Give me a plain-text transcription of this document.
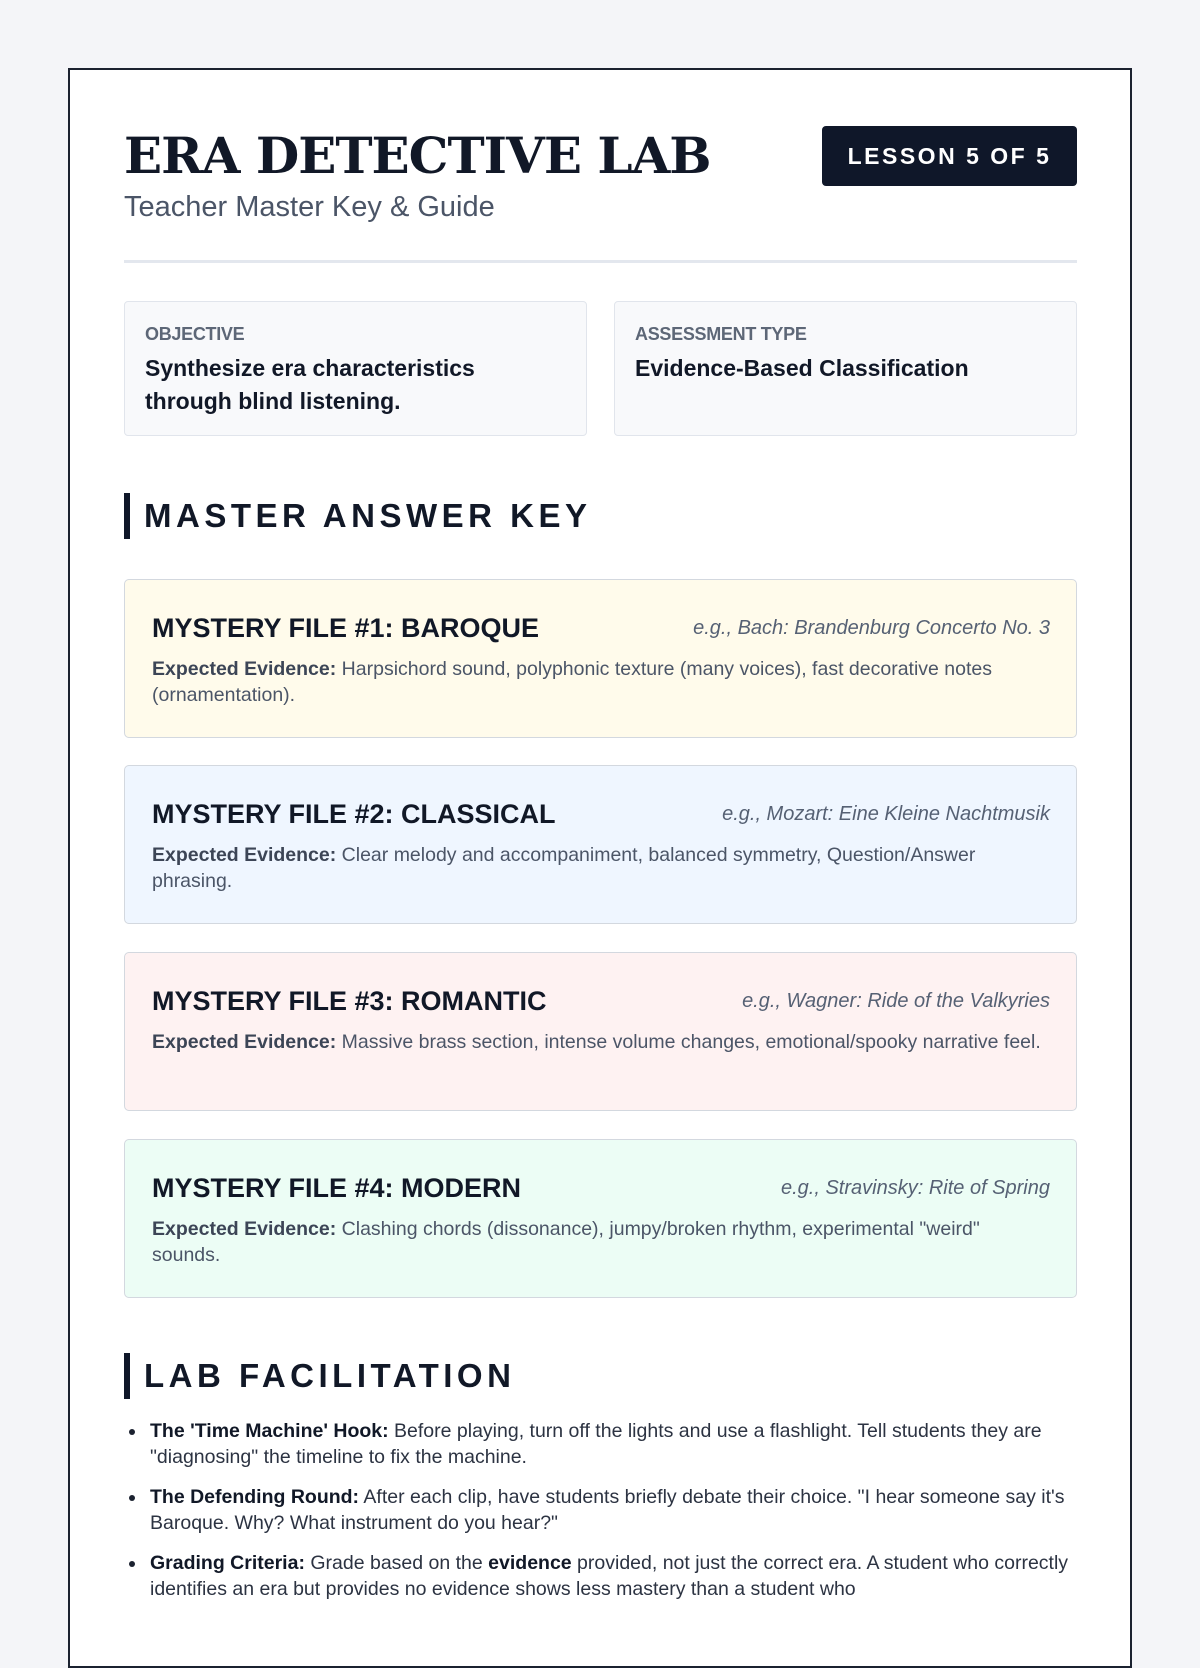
ERA DETECTIVE LAB
Teacher Master Key & Guide
LESSON 5 OF 5
OBJECTIVE
Synthesize era characteristics through blind listening.
ASSESSMENT TYPE
Evidence-Based Classification
MASTER ANSWER KEY
MYSTERY FILE #1: BAROQUE	e.g., Bach: Brandenburg Concerto No. 3
Expected Evidence: Harpsichord sound, polyphonic texture (many voices), fast decorative notes (ornamentation).
MYSTERY FILE #2: CLASSICAL	e.g., Mozart: Eine Kleine Nachtmusik
Expected Evidence: Clear melody and accompaniment, balanced symmetry, Question/Answer phrasing.
MYSTERY FILE #3: ROMANTIC	e.g., Wagner: Ride of the Valkyries
Expected Evidence: Massive brass section, intense volume changes, emotional/spooky narrative feel.
MYSTERY FILE #4: MODERN	e.g., Stravinsky: Rite of Spring
Expected Evidence: Clashing chords (dissonance), jumpy/broken rhythm, experimental "weird" sounds.
LAB FACILITATION
The 'Time Machine' Hook: Before playing, turn off the lights and use a flashlight. Tell students they are "diagnosing" the timeline to fix the machine.
The Defending Round: After each clip, have students briefly debate their choice. "I hear someone say it's Baroque. Why? What instrument do you hear?"
Grading Criteria: Grade based on the evidence provided, not just the correct era. A student who correctly identifies an era but provides no evidence shows less mastery than a student who
